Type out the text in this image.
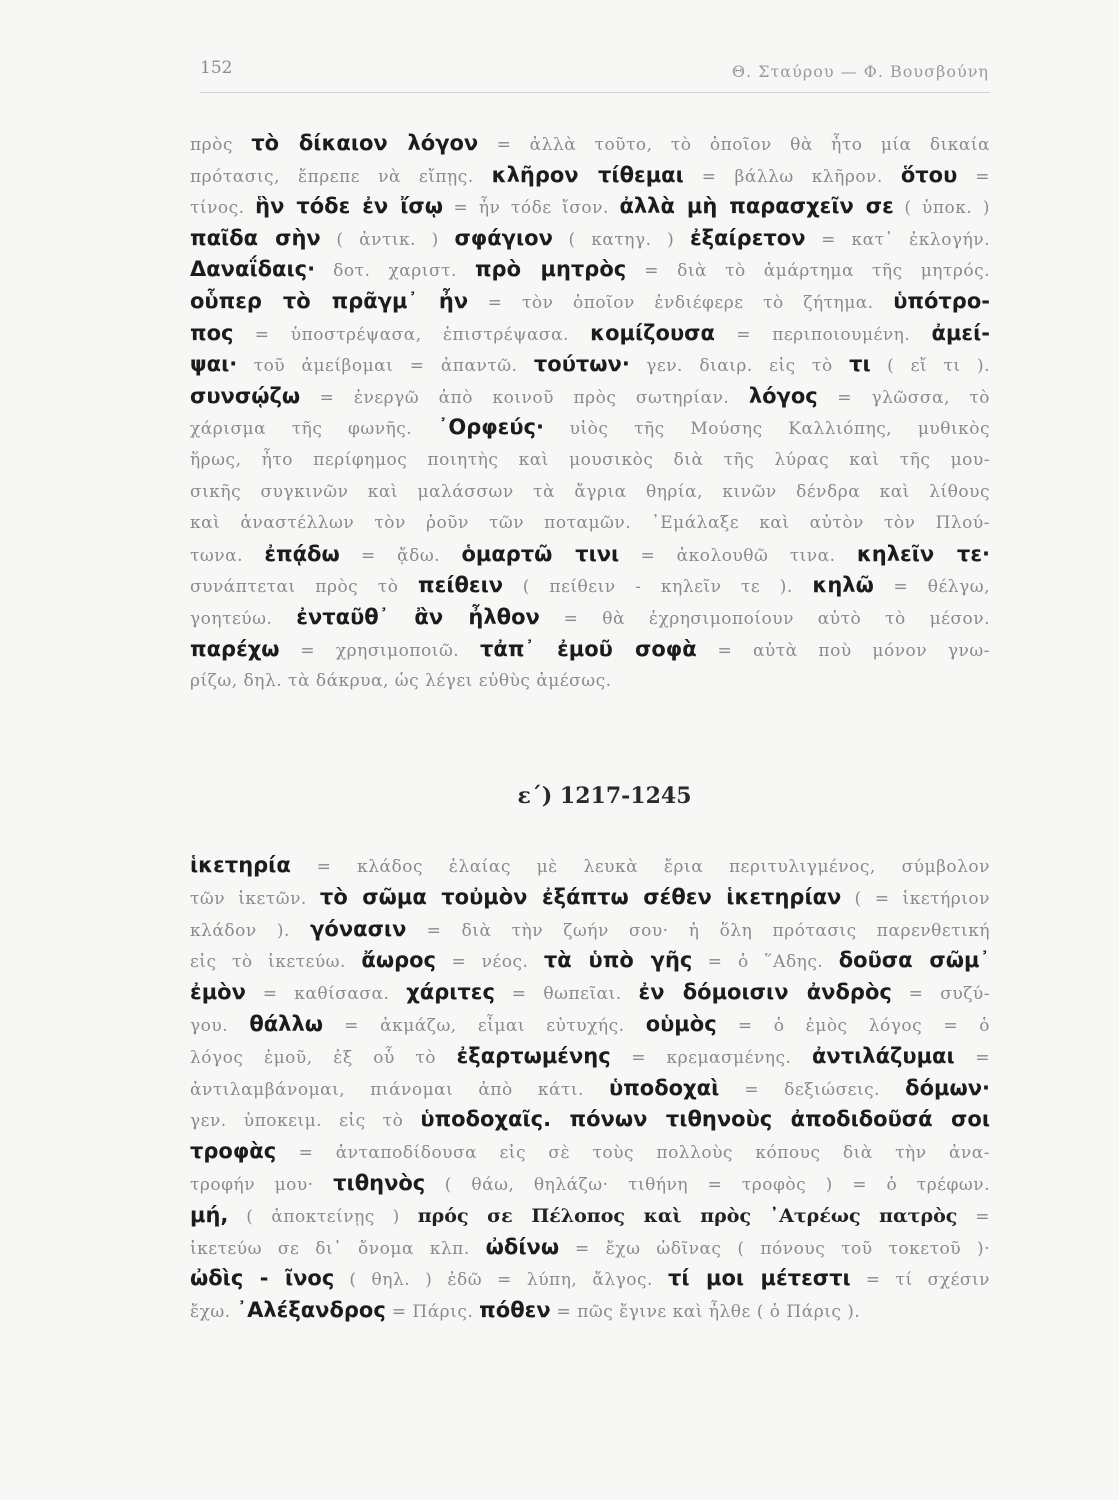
152	Θ. Σταύρου — Φ. Βουσβούνη
πρὸς τὸ δίκαιον λόγον = ἀλλὰ τοῦτο, τὸ ὁποῖον θὰ ἦτο μία δικαία
πρότασις, ἔπρεπε νὰ εἴπῃς. κλῆρον τίθεμαι = βάλλω κλῆρον. ὅτου =
τίνος. ἣν τόδε ἐν ἴσῳ = ἦν τόδε ἴσον. ἀλλὰ μὴ παρασχεῖν σε ( ὑποκ. )
παῖδα σὴν ( ἀντικ. ) σφάγιον ( κατηγ. ) ἐξαίρετον = κατ᾽ ἐκλογήν.
Δαναΐδαις· δοτ. χαριστ. πρὸ μητρὸς = διὰ τὸ ἁμάρτημα τῆς μητρός.
οὗπερ τὸ πρᾶγμ᾽ ἦν = τὸν ὁποῖον ἐνδιέφερε τὸ ζήτημα. ὑπότρο-
πος = ὑποστρέψασα, ἐπιστρέψασα. κομίζουσα = περιποιουμένη. ἀμεί-
ψαι· τοῦ ἀμείβομαι = ἀπαντῶ. τούτων· γεν. διαιρ. εἰς τὸ τι ( εἴ τι ).
συνσῴζω = ἐνεργῶ ἀπὸ κοινοῦ πρὸς σωτηρίαν. λόγος = γλῶσσα, τὸ
χάρισμα τῆς φωνῆς. ᾽Ορφεύς· υἱὸς τῆς Μούσης Καλλιόπης, μυθικὸς
ἥρως, ἦτο περίφημος ποιητὴς καὶ μουσικὸς διὰ τῆς λύρας καὶ τῆς μου-
σικῆς συγκινῶν καὶ μαλάσσων τὰ ἄγρια θηρία, κινῶν δένδρα καὶ λίθους
καὶ ἀναστέλλων τὸν ῥοῦν τῶν ποταμῶν. ᾽Εμάλαξε καὶ αὐτὸν τὸν Πλού-
τωνα. ἐπᾴδω = ᾄδω. ὁμαρτῶ τινι = ἀκολουθῶ τινα. κηλεῖν τε·
συνάπτεται πρὸς τὸ πείθειν ( πείθειν - κηλεῖν τε ). κηλῶ = θέλγω,
γοητεύω. ἐνταῦθ᾽ ἂν ἦλθον = θὰ ἐχρησιμοποίουν αὐτὸ τὸ μέσον.
παρέχω = χρησιμοποιῶ. τἀπ᾽ ἐμοῦ σοφὰ = αὐτὰ ποὺ μόνον γνω-
ρίζω, δηλ. τὰ δάκρυα, ὡς λέγει εὐθὺς ἀμέσως.
ε΄) 1217-1245
ἱκετηρία = κλάδος ἐλαίας μὲ λευκὰ ἔρια περιτυλιγμένος, σύμβολον
τῶν ἱκετῶν. τὸ σῶμα τοὐμὸν ἐξάπτω σέθεν ἱκετηρίαν ( = ἱκετήριον
κλάδον ). γόνασιν = διὰ τὴν ζωήν σου· ἡ ὅλη πρότασις παρενθετική
εἰς τὸ ἱκετεύω. ἄωρος = νέος. τὰ ὑπὸ γῆς = ὁ ῞Αδης. δοῦσα σῶμ᾽
ἐμὸν = καθίσασα. χάριτες = θωπεῖαι. ἐν δόμοισιν ἀνδρὸς = συζύ-
γου. θάλλω = ἀκμάζω, εἶμαι εὐτυχής. οὑμὸς = ὁ ἐμὸς λόγος = ὁ
λόγος ἐμοῦ, ἐξ οὗ τὸ ἐξαρτωμένης = κρεμασμένης. ἀντιλάζυμαι =
ἀντιλαμβάνομαι, πιάνομαι ἀπὸ κάτι. ὑποδοχαὶ = δεξιώσεις. δόμων·
γεν. ὑποκειμ. εἰς τὸ ὑποδοχαῖς. πόνων τιθηνοὺς ἀποδιδοῦσά σοι
τροφὰς = ἀνταποδίδουσα εἰς σὲ τοὺς πολλοὺς κόπους διὰ τὴν ἀνα-
τροφήν μου· τιθηνὸς ( θάω, θηλάζω· τιθήνη = τροφὸς ) = ὁ τρέφων.
μή, ( ἀποκτείνῃς ) πρός σε Πέλοπος καὶ πρὸς ᾽Ατρέως πατρὸς =
ἱκετεύω σε δι᾽ ὄνομα κλπ. ὠδίνω = ἔχω ὠδῖνας ( πόνους τοῦ τοκετοῦ )·
ὠδὶς - ῖνος ( θηλ. ) ἐδῶ = λύπη, ἄλγος. τί μοι μέτεστι = τί σχέσιν
ἔχω. ᾽Αλέξανδρος = Πάρις. πόθεν = πῶς ἔγινε καὶ ἦλθε ( ὁ Πάρις ).
